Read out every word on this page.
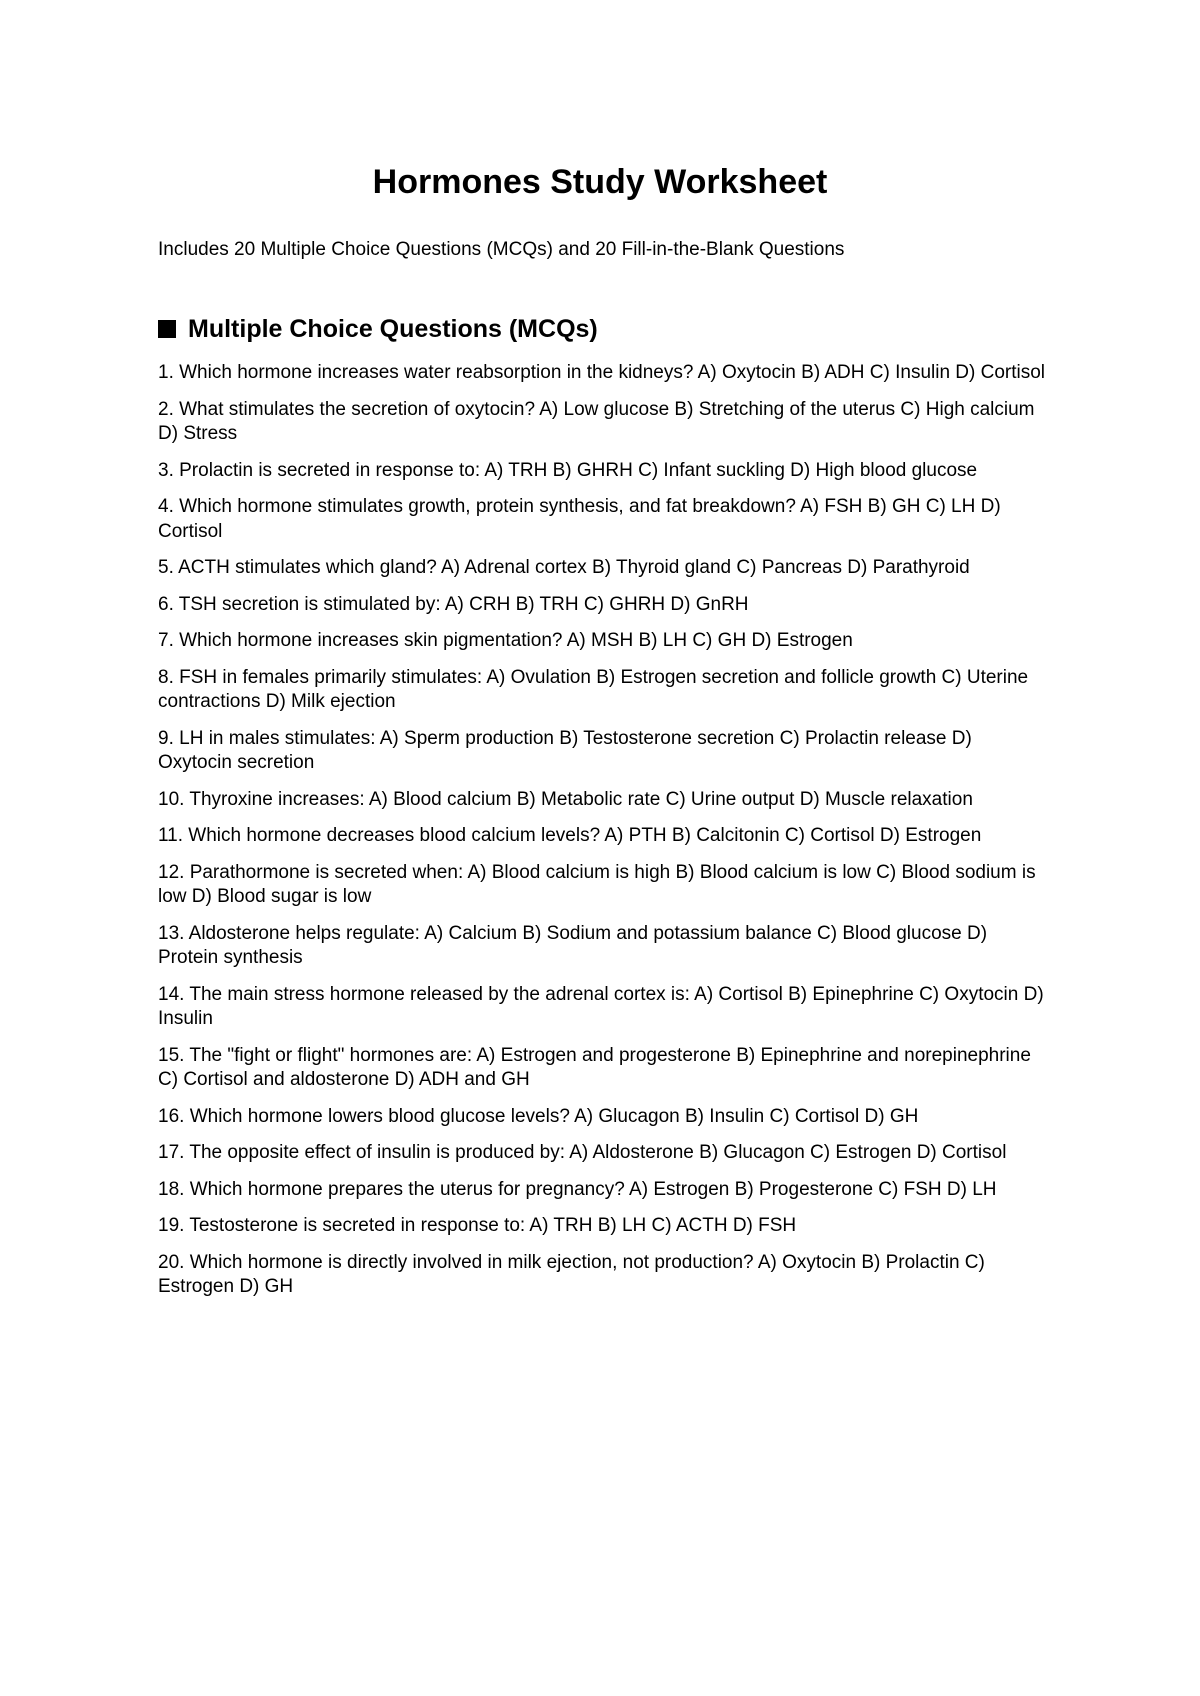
Hormones Study Worksheet

Includes 20 Multiple Choice Questions (MCQs) and 20 Fill-in-the-Blank Questions

Multiple Choice Questions (MCQs)
1. Which hormone increases water reabsorption in the kidneys? A) Oxytocin B) ADH C) Insulin D) Cortisol
2. What stimulates the secretion of oxytocin? A) Low glucose B) Stretching of the uterus C) High calcium D) Stress
3. Prolactin is secreted in response to: A) TRH B) GHRH C) Infant suckling D) High blood glucose
4. Which hormone stimulates growth, protein synthesis, and fat breakdown? A) FSH B) GH C) LH D) Cortisol
5. ACTH stimulates which gland? A) Adrenal cortex B) Thyroid gland C) Pancreas D) Parathyroid
6. TSH secretion is stimulated by: A) CRH B) TRH C) GHRH D) GnRH
7. Which hormone increases skin pigmentation? A) MSH B) LH C) GH D) Estrogen
8. FSH in females primarily stimulates: A) Ovulation B) Estrogen secretion and follicle growth C) Uterine contractions D) Milk ejection
9. LH in males stimulates: A) Sperm production B) Testosterone secretion C) Prolactin release D) Oxytocin secretion
10. Thyroxine increases: A) Blood calcium B) Metabolic rate C) Urine output D) Muscle relaxation
11. Which hormone decreases blood calcium levels? A) PTH B) Calcitonin C) Cortisol D) Estrogen
12. Parathormone is secreted when: A) Blood calcium is high B) Blood calcium is low C) Blood sodium is low D) Blood sugar is low
13. Aldosterone helps regulate: A) Calcium B) Sodium and potassium balance C) Blood glucose D) Protein synthesis
14. The main stress hormone released by the adrenal cortex is: A) Cortisol B) Epinephrine C) Oxytocin D) Insulin
15. The "fight or flight" hormones are: A) Estrogen and progesterone B) Epinephrine and norepinephrine C) Cortisol and aldosterone D) ADH and GH
16. Which hormone lowers blood glucose levels? A) Glucagon B) Insulin C) Cortisol D) GH
17. The opposite effect of insulin is produced by: A) Aldosterone B) Glucagon C) Estrogen D) Cortisol
18. Which hormone prepares the uterus for pregnancy? A) Estrogen B) Progesterone C) FSH D) LH
19. Testosterone is secreted in response to: A) TRH B) LH C) ACTH D) FSH
20. Which hormone is directly involved in milk ejection, not production? A) Oxytocin B) Prolactin C) Estrogen D) GH
